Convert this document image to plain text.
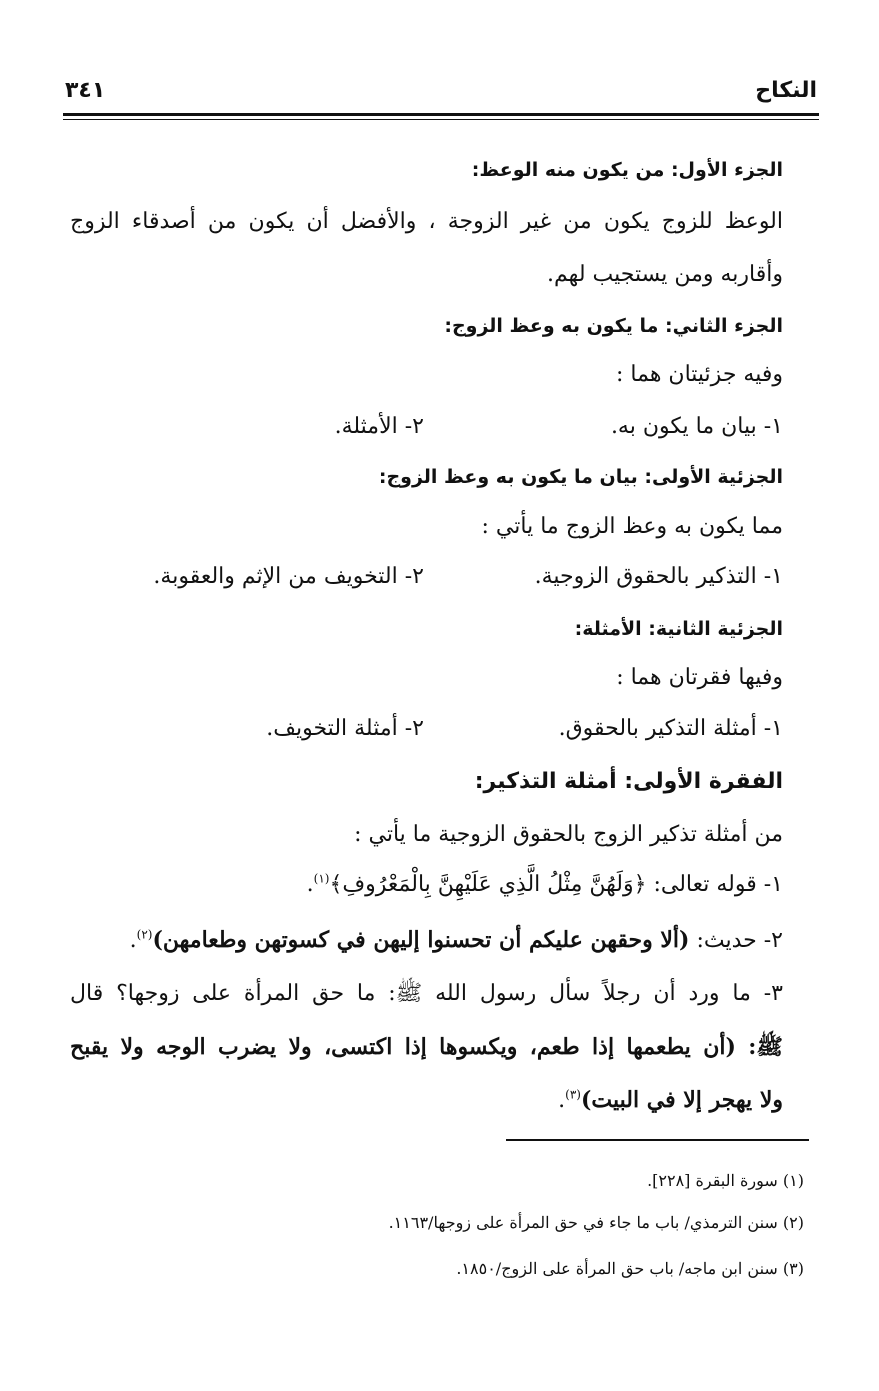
النكاح
٣٤١
الجزء الأول: من يكون منه الوعظ:
الوعظ للزوج يكون من غير الزوجة ، والأفضل أن يكون من أصدقاء الزوج
وأقاربه ومن يستجيب لهم.
الجزء الثاني: ما يكون به وعظ الزوج:
وفيه جزئيتان هما :
١- بيان ما يكون به.
٢- الأمثلة.
الجزئية الأولى: بيان ما يكون به وعظ الزوج:
مما يكون به وعظ الزوج ما يأتي :
١- التذكير بالحقوق الزوجية.
٢- التخويف من الإثم والعقوبة.
الجزئية الثانية: الأمثلة:
وفيها فقرتان هما :
١- أمثلة التذكير بالحقوق.
٢- أمثلة التخويف.
الفقرة الأولى: أمثلة التذكير:
من أمثلة تذكير الزوج بالحقوق الزوجية ما يأتي :
١- قوله تعالى: ﴿وَلَهُنَّ مِثْلُ الَّذِي عَلَيْهِنَّ بِالْمَعْرُوفِ﴾$^{(١)}$.
٢- حديث: (ألا وحقهن عليكم أن تحسنوا إليهن في كسوتهن وطعامهن)$^{(٢)}$.
٣- ما ورد أن رجلاً سأل رسول الله ﷺ: ما حق المرأة على زوجها؟ قال
ﷺ: (أن يطعمها إذا طعم، ويكسوها إذا اكتسى، ولا يضرب الوجه ولا يقبح
ولا يهجر إلا في البيت)$^{(٣)}$.
(١) سورة البقرة [٢٢٨].
(٢) سنن الترمذي/ باب ما جاء في حق المرأة على زوجها/١١٦٣.
(٣) سنن ابن ماجه/ باب حق المرأة على الزوج/١٨٥٠.
